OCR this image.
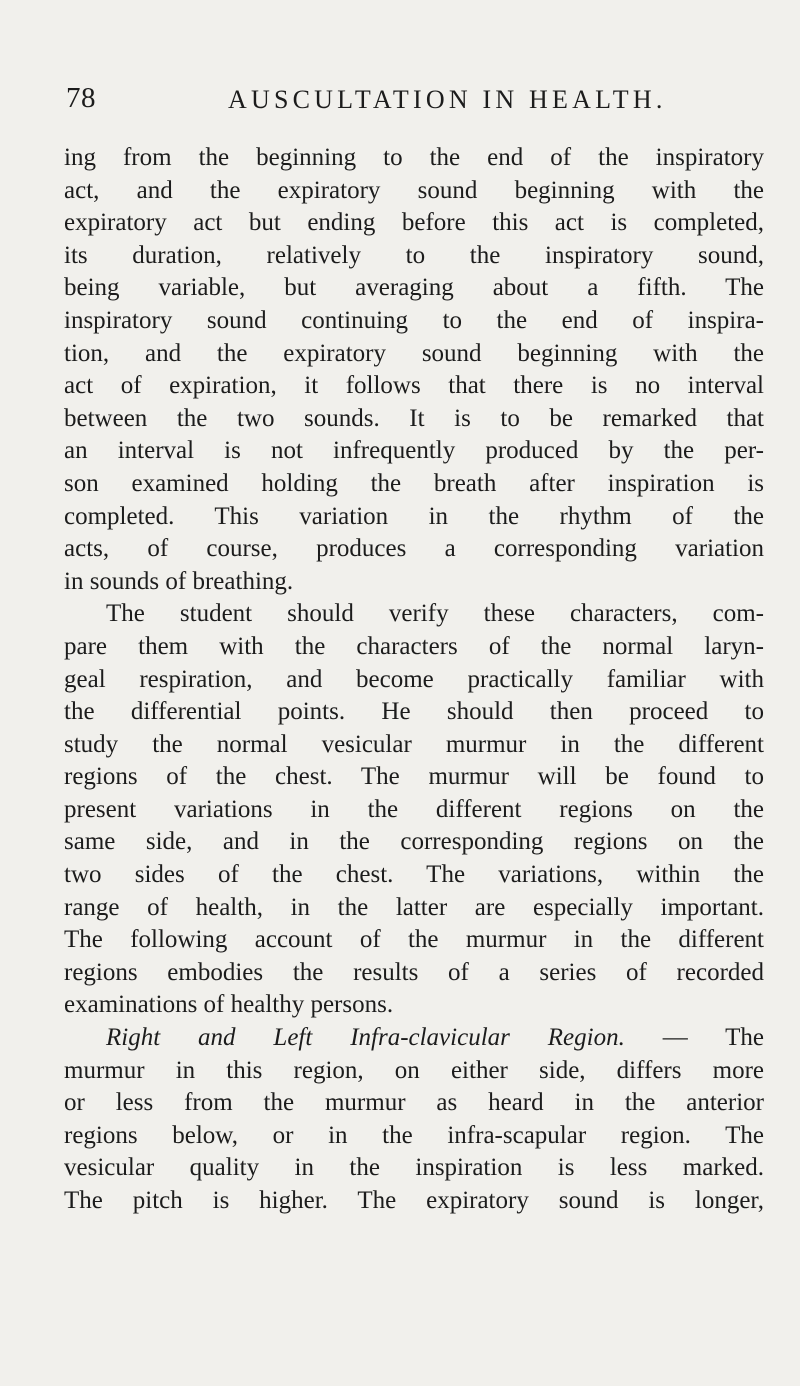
78	AUSCULTATION IN HEALTH.
ing from the beginning to the end of the inspiratory
act, and the expiratory sound beginning with the
expiratory act but ending before this act is completed,
its duration, relatively to the inspiratory sound,
being variable, but averaging about a fifth. The
inspiratory sound continuing to the end of inspira-
tion, and the expiratory sound beginning with the
act of expiration, it follows that there is no interval
between the two sounds. It is to be remarked that
an interval is not infrequently produced by the per-
son examined holding the breath after inspiration is
completed. This variation in the rhythm of the
acts, of course, produces a corresponding variation
in sounds of breathing.
The student should verify these characters, com-
pare them with the characters of the normal laryn-
geal respiration, and become practically familiar with
the differential points. He should then proceed to
study the normal vesicular murmur in the different
regions of the chest. The murmur will be found to
present variations in the different regions on the
same side, and in the corresponding regions on the
two sides of the chest. The variations, within the
range of health, in the latter are especially important.
The following account of the murmur in the different
regions embodies the results of a series of recorded
examinations of healthy persons.
Right and Left Infra-clavicular Region. — The
murmur in this region, on either side, differs more
or less from the murmur as heard in the anterior
regions below, or in the infra-scapular region. The
vesicular quality in the inspiration is less marked.
The pitch is higher. The expiratory sound is longer,
